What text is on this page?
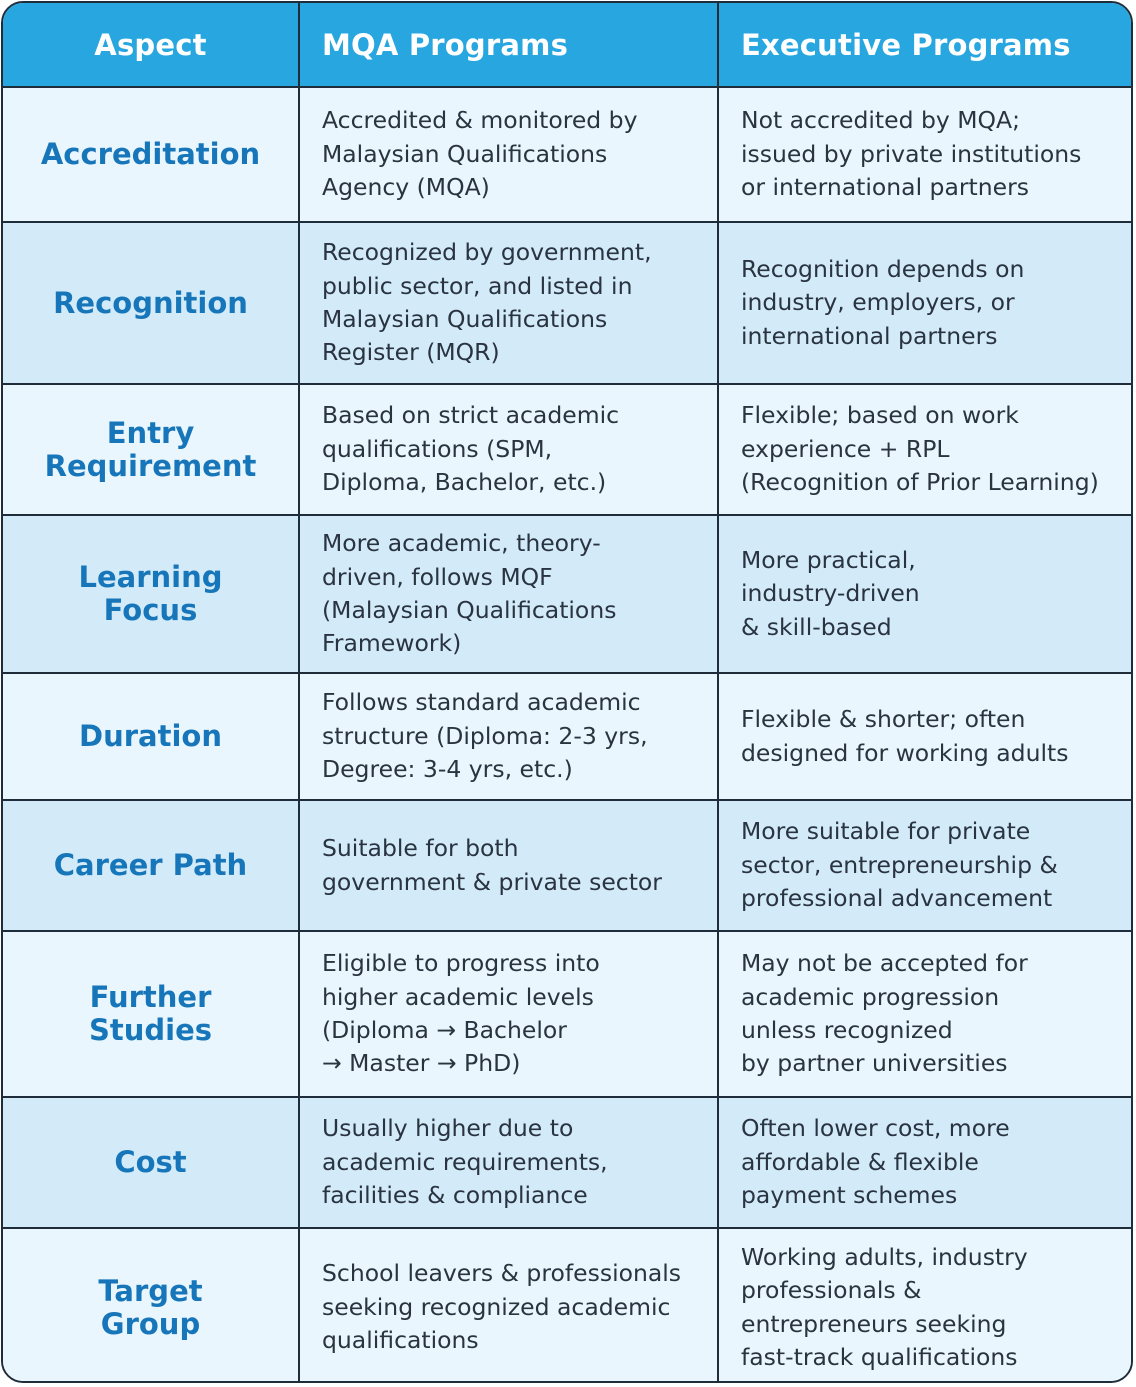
Aspect	MQA Programs	Executive Programs

Accreditation	Accredited & monitored by
Malaysian Qualifications
Agency (MQA)	Not accredited by MQA;
issued by private institutions
or international partners

Recognition	Recognized by government,
public sector, and listed in
Malaysian Qualifications
Register (MQR)	Recognition depends on
industry, employers, or
international partners

Entry
Requirement	Based on strict academic
qualifications (SPM,
Diploma, Bachelor, etc.)	Flexible; based on work
experience + RPL
(Recognition of Prior Learning)

Learning
Focus	More academic, theory-
driven, follows MQF
(Malaysian Qualifications
Framework)	More practical,
industry-driven
& skill-based

Duration	Follows standard academic
structure (Diploma: 2-3 yrs,
Degree: 3-4 yrs, etc.)	Flexible & shorter; often
designed for working adults

Career Path	Suitable for both
government & private sector	More suitable for private
sector, entrepreneurship &
professional advancement

Further
Studies	Eligible to progress into
higher academic levels
(Diploma → Bachelor
→ Master → PhD)	May not be accepted for
academic progression
unless recognized
by partner universities

Cost	Usually higher due to
academic requirements,
facilities & compliance	Often lower cost, more
affordable & flexible
payment schemes

Target
Group	School leavers & professionals
seeking recognized academic
qualifications	Working adults, industry
professionals &
entrepreneurs seeking
fast-track qualifications
